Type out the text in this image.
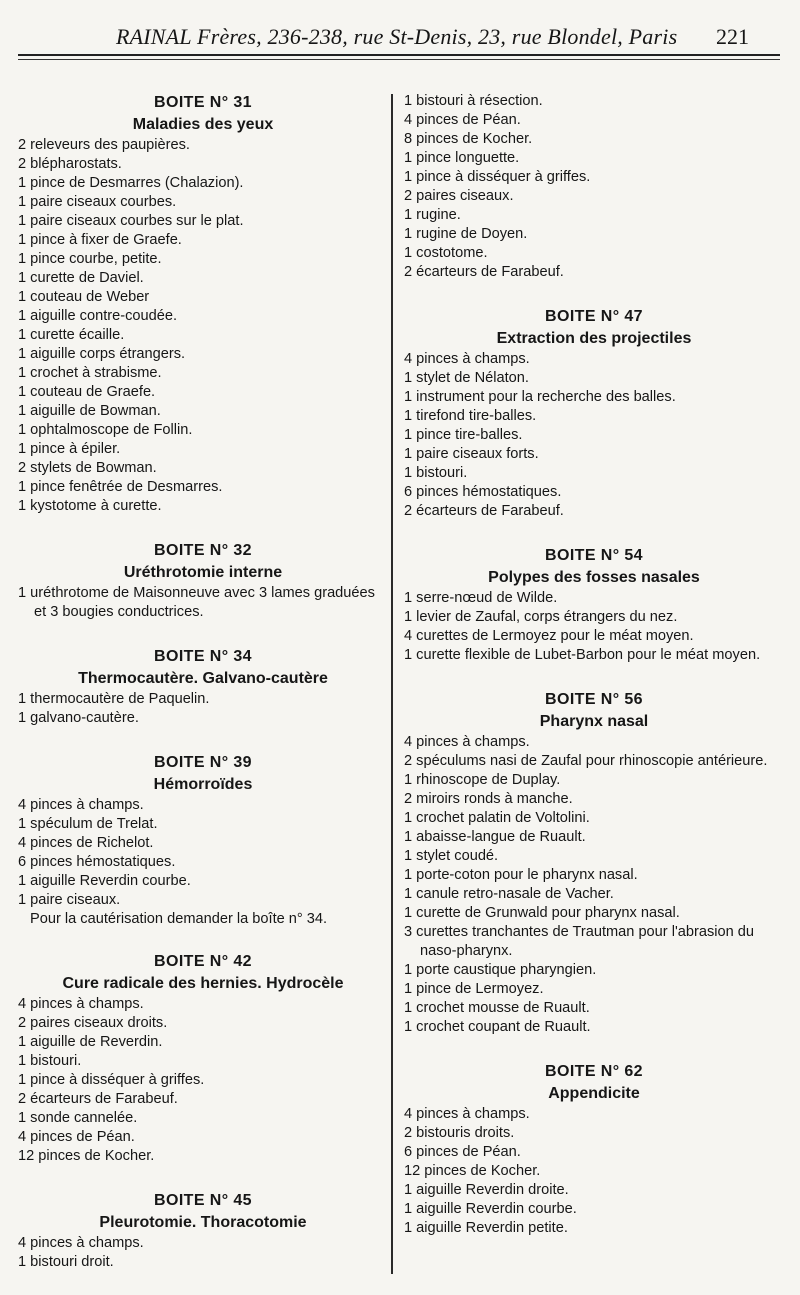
RAINAL Frères, 236-238, rue St-Denis, 23, rue Blondel, Paris 221
BOITE N° 31
Maladies des yeux
2 releveurs des paupières.
2 blépharostats.
1 pince de Desmarres (Chalazion).
1 paire ciseaux courbes.
1 paire ciseaux courbes sur le plat.
1 pince à fixer de Graefe.
1 pince courbe, petite.
1 curette de Daviel.
1 couteau de Weber
1 aiguille contre-coudée.
1 curette écaille.
1 aiguille corps étrangers.
1 crochet à strabisme.
1 couteau de Graefe.
1 aiguille de Bowman.
1 ophtalmoscope de Follin.
1 pince à épiler.
2 stylets de Bowman.
1 pince fenêtrée de Desmarres.
1 kystotome à curette.
BOITE N° 32
Uréthrotomie interne
1 uréthrotome de Maisonneuve avec 3 lames graduées et 3 bougies conductrices.
BOITE N° 34
Thermocautère. Galvano-cautère
1 thermocautère de Paquelin.
1 galvano-cautère.
BOITE N° 39
Hémorroïdes
4 pinces à champs.
1 spéculum de Trelat.
4 pinces de Richelot.
6 pinces hémostatiques.
1 aiguille Reverdin courbe.
1 paire ciseaux.
Pour la cautérisation demander la boîte n° 34.
BOITE N° 42
Cure radicale des hernies. Hydrocèle
4 pinces à champs.
2 paires ciseaux droits.
1 aiguille de Reverdin.
1 bistouri.
1 pince à disséquer à griffes.
2 écarteurs de Farabeuf.
1 sonde cannelée.
4 pinces de Péan.
12 pinces de Kocher.
BOITE N° 45
Pleurotomie. Thoracotomie
4 pinces à champs.
1 bistouri droit.
1 bistouri à résection.
4 pinces de Péan.
8 pinces de Kocher.
1 pince longuette.
1 pince à disséquer à griffes.
2 paires ciseaux.
1 rugine.
1 rugine de Doyen.
1 costotome.
2 écarteurs de Farabeuf.
BOITE N° 47
Extraction des projectiles
4 pinces à champs.
1 stylet de Nélaton.
1 instrument pour la recherche des balles.
1 tirefond tire-balles.
1 pince tire-balles.
1 paire ciseaux forts.
1 bistouri.
6 pinces hémostatiques.
2 écarteurs de Farabeuf.
BOITE N° 54
Polypes des fosses nasales
1 serre-nœud de Wilde.
1 levier de Zaufal, corps étrangers du nez.
4 curettes de Lermoyez pour le méat moyen.
1 curette flexible de Lubet-Barbon pour le méat moyen.
BOITE N° 56
Pharynx nasal
4 pinces à champs.
2 spéculums nasi de Zaufal pour rhinoscopie antérieure.
1 rhinoscope de Duplay.
2 miroirs ronds à manche.
1 crochet palatin de Voltolini.
1 abaisse-langue de Ruault.
1 stylet coudé.
1 porte-coton pour le pharynx nasal.
1 canule retro-nasale de Vacher.
1 curette de Grunwald pour pharynx nasal.
3 curettes tranchantes de Trautman pour l'abrasion du naso-pharynx.
1 porte caustique pharyngien.
1 pince de Lermoyez.
1 crochet mousse de Ruault.
1 crochet coupant de Ruault.
BOITE N° 62
Appendicite
4 pinces à champs.
2 bistouris droits.
6 pinces de Péan.
12 pinces de Kocher.
1 aiguille Reverdin droite.
1 aiguille Reverdin courbe.
1 aiguille Reverdin petite.
